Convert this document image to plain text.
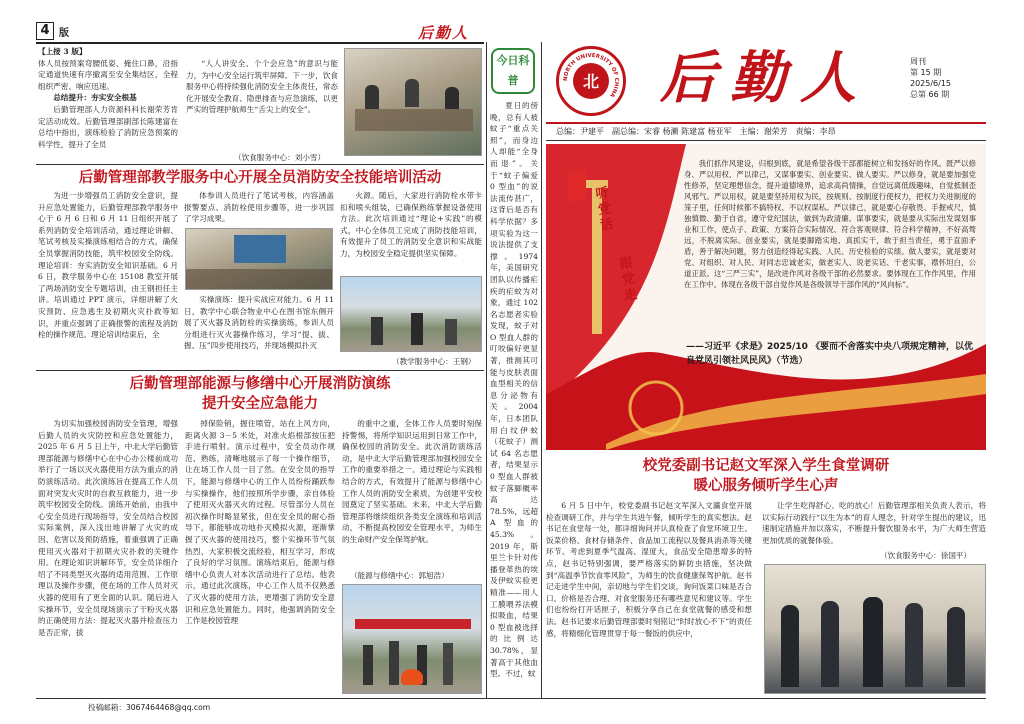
4 版	后勤人
【上接 3 版】
体人员按预案弯腰低姿、掩住口鼻，沿指定通道快速有序撤离至安全集结区，全程组织严密、响应迅速。

总结提升：夯实安全根基

后勤管理部人力资源科科长谢荣芳肯定活动成效。后勤管理部副部长陈建富在总结中指出，演练检验了消防应急预案的科学性，提升了全员

“人人讲安全、个个会应急”的意识与能力，为中心安全运行筑牢屏障。下一步，饮食服务中心将持续强化消防安全主体责任，常态化开展安全教育、隐患排查与应急演练，以更严实的管理护航师生“舌尖上的安全”。

（饮食服务中心：刘小雪）
后勤管理部教学服务中心开展全员消防安全技能培训活动

为进一步增强员工消防安全意识，提升应急处置能力，后勤管理部教学服务中心于 6 月 6 日和 6 月 11 日组织开展了系列消防安全培训活动，通过理论讲解、笔试考核及实操演练相结合的方式，确保全员掌握消防技能，筑牢校园安全防线。理论培训：夯实消防安全知识基础。6 月 6 日，教学服务中心在 15108 教室开展了两场消防安全专题培训，由王钢担任主讲。培训通过 PPT 演示，详细讲解了火灾预防、应急逃生及初期火灾扑救等知识，并重点强调了正确报警的流程及消防栓的操作规范。理论培训结束后，全

体参训人员进行了笔试考核，内容涵盖报警要点、消防栓使用步骤等，进一步巩固了学习成果。

实操演练：提升实战应对能力。6 月 11 日，教学中心联合物业中心在图书馆东侧开展了灭火器及消防栓的实操演练，参训人员分组进行灭火器操作练习，学习“提、拔、握、压”四步使用技巧，并现场模拟扑灭

火源。随后，大家进行消防栓水带卡扣和喷头组装，已确保熟练掌握设备使用方法。此次培训通过“理论+实践”的模式，中心全体员工完成了消防技能培训，有效提升了员工的消防安全意识和实战能力，为校园安全稳定提供坚实保障。

（教学服务中心：王钢）
后勤管理部能源与修缮中心开展消防演练
提升安全应急能力

为切实加强校园消防安全管理，增强后勤人员的火灾防控和应急处置能力，2025 年 6 月 5 日上午，中北大学后勤管理部能源与修缮中心在中心办公楼前成功举行了一场以灭火器使用方法为重点的消防演练活动。此次演练旨在提高工作人员面对突发火灾时的自救互救能力，进一步筑牢校园安全防线。演练开始前，由我中心安全员进行现场指导，安全员结合校园实际案例，深入浅出地讲解了火灾的成因、危害以及预防措施，着重强调了正确使用灭火器对于初期火灾扑救的关键作用。在理论知识讲解环节，安全员详细介绍了不同类型灭火器的适用范围、工作原理以及操作步骤，使在场的工作人员对灭火器的使用有了更全面的认识。随后进入实操环节，安全员现场演示了干粉灭火器的正确使用方法：提起灭火器并检查压力是否正常，拔

掉保险销，握住喷管，站在上风方向，距离火源 3－5 米处，对准火焰根部按压把手进行喷射。演示过程中，安全员动作规范、熟练，清晰地展示了每一个操作细节，让在场工作人员一目了然。在安全员的指导下，能源与修缮中心的工作人员纷纷踊跃参与实操操作，他们按照所学步骤，亲自体验了使用灭火器灭火的过程。尽管部分人员在初次操作时略显紧张，但在安全员的耐心指导下，都能够成功地扑灭模拟火源，逐渐掌握了灭火器的使用技巧，整个实操环节气氛热烈，大家积极交流经验，相互学习，形成了良好的学习氛围。演练结束后，能源与修缮中心负责人对本次活动进行了总结。他表示，通过此次演练，中心工作人员不仅熟悉了灭火器的使用方法，更增强了消防安全意识和应急处置能力。同时，他强调消防安全工作是校园管理

的重中之重，全体工作人员要时刻保持警惕，将所学知识运用到日常工作中，确保校园的消防安全。此次消防演练活动，是中北大学后勤管理部加强校园安全工作的重要举措之一。通过理论与实践相结合的方式，有效提升了能源与修缮中心工作人员的消防安全素质，为创建平安校园奠定了坚实基础。未来，中北大学后勤管理部将继续组织各类安全演练和培训活动，不断提高校园安全管理水平，为师生的生命财产安全保驾护航。

（能源与修缮中心：郭旭浩）
投稿邮箱：3067464468@qq.com
今日科普

夏日的傍晚，总有人被蚊子“重点关照”，而身边人却能“全身而退”。关于“蚊子偏爱 0 型血”的说法流传甚广，这背后是否有科学依据？多项实验为这一说法提供了支撑。1974 年，美国研究团队以传播疟疾的疟蚊为对象，通过 102 名志愿者实验发现，蚊子对 O 型血人群的叮咬偏好更显著，推测其可能与皮肤表面血型相关的信息分泌物有关。2004 年，日本团队用白纹伊蚊（花蚊子）测试 64 名志愿者，结果显示 0 型血人群被蚊子落脚概率高达 78.5%，远超 A 型血的 45.3%。2019 年，斯里兰卡针对传播登革热的埃及伊蚊实验更精准——用人工膜喂养法模拟吸血，结果 0 型血被选择的比例达 30.78%，显著高于其他血型。不过，蚊

NORTH UNIVERSITY OF CHINA
北 后勤人	周刊
第 15 期
2025/6/15
总第 66 期
总编：尹建平　副总编：宋睿 杨瀨 陈建富 杨亚军　主编：谢荣芳　责编：李昂
听党话
跟党走

我们抓作风建设，归根到底，就是希望各级干部都能树立和发扬好的作风。既严以修身、严以用权、严以律己，又谋事要实、创业要实、做人要实。严以修身，就是要加强党性修养，坚定理想信念，提升道德境界，追求高尚情操，自觉远离低级趣味，自觉抵制歪风邪气。严以用权，就是要坚持用权为民，按规则、按制度行使权力，把权力关进制度的笼子里，任何时候都不搞特权、不以权谋私。严以律己，就是要心存敬畏、手握戒尺，慎独慎微、勤于自省，遵守党纪国法，做到为政清廉。谋事要实，就是要从实际出发谋划事业和工作，使点子、政策、方案符合实际情况、符合客观规律、符合科学精神，不好高骛远，不脱离实际。创业要实，就是要脚踏实地、真抓实干，敢于担当责任，勇于直面矛盾，善于解决问题，努力创造经得起实践、人民、历史检验的实绩。做人要实，就是要对党、对组织、对人民、对同志忠诚老实，做老实人、说老实话、干老实事，襟怀坦白，公道正派。这“三严三实”，是改进作风对各级干部的必然要求。要体现在工作作风里，作用在工作中。体现在各级干部自觉作风是各级领导干部作风的“风向标”。

——习近平《求是》2025/10 《要而不舍落实中央八项规定精神，以优良党风引领社风民风》（节选）
校党委副书记赵文军深入学生食堂调研
暖心服务倾听学生心声

6 月 5 日中午，校党委副书记赵文军深入文瀛食堂开展检查调研工作，并与学生共进午餐，倾听学生的真实想法。赵书记在食堂每一处，都详细询问并认真检查了食堂环境卫生、饭菜价格、食材存储条件、食品加工流程以及餐具消杀等关键环节。考虑到夏季气温高、湿度大，食品安全隐患增多的特点，赵书记特别强调，要严格落实防鲜防虫措施，坚决做到“高温季节饮食零风险”，为师生的饮食健康保驾护航。赵书记走进学生中间，亲切地与学生们交谈，询问饭菜口味是否合口、价格是否合理、对食堂服务还有哪些意见和建议等。学生们也纷纷打开话匣子，积极分享自己在食堂就餐的感受和想法。赵书记要求后勤管理部要时刻铭记“时时放心不下”的责任感，将精细化管理贯穿于每一餐饭的供应中，

让学生吃得舒心、吃的放心！后勤管理部相关负责人表示，将以实际行动践行“以生为本”的育人理念，针对学生提出的建议，迅速制定措施并加以落实，不断提升餐饮服务水平，为广大师生营造更加优质的就餐体验。

（饮食服务中心：徐国平）
